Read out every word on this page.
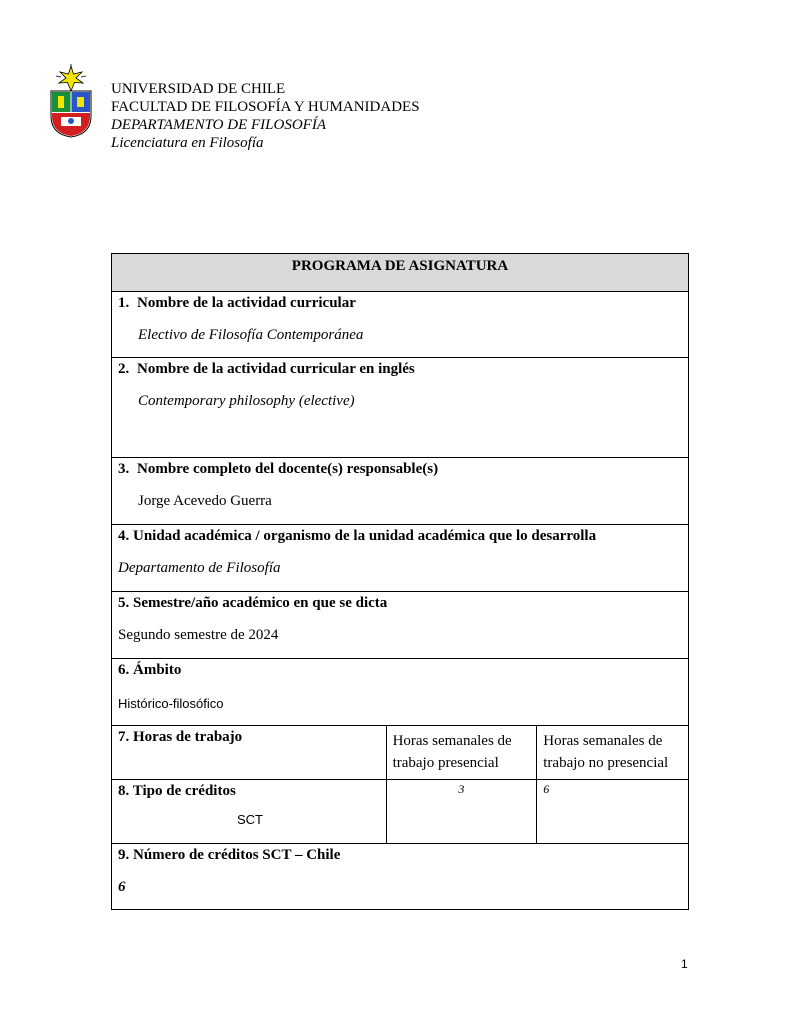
UNIVERSIDAD DE CHILE
FACULTAD DE FILOSOFÍA Y HUMANIDADES
DEPARTAMENTO DE FILOSOFÍA
Licenciatura en Filosofía
PROGRAMA DE ASIGNATURA		

1. Nombre de la actividad curricular
Electivo de Filosofía Contemporánea		

2. Nombre de la actividad curricular en inglés
Contemporary philosophy (elective)		

3. Nombre completo del docente(s) responsable(s)
Jorge Acevedo Guerra		

4. Unidad académica / organismo de la unidad académica que lo desarrolla
Departamento de Filosofía		

5. Semestre/año académico en que se dicta
Segundo semestre de 2024		

6. Ámbito
Histórico-filosófico		

7. Horas de trabajo	Horas semanales de trabajo presencial	Horas semanales de trabajo no presencial

8. Tipo de créditos
SCT	3	6

9. Número de créditos SCT – Chile
6		
1
